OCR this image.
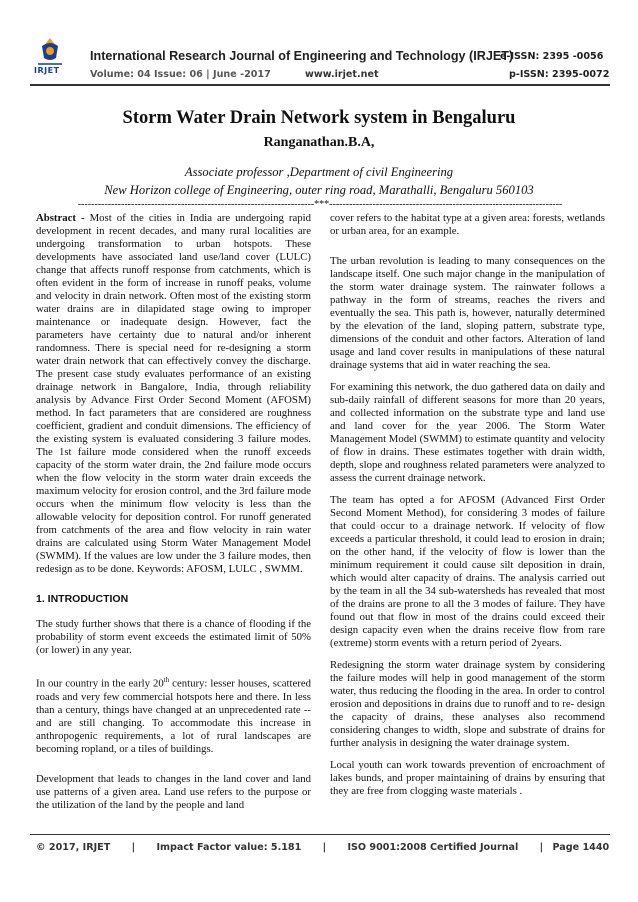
IRJET
International Research Journal of Engineering and Technology (IRJET)
e-ISSN: 2395 -0056
Volume: 04 Issue: 06 | June -2017	www.irjet.net	p-ISSN: 2395-0072
Storm Water Drain Network system in Bengaluru
Ranganathan.B.A,
Associate professor ,Department of civil Engineering
New Horizon college of Engineering, outer ring road, Marathalli, Bengaluru 560103
-----------------------------------------------------------------------***----------------------------------------------------------------------

Abstract - Most of the cities in India are undergoing rapid development in recent decades, and many rural localities are undergoing transformation to urban hotspots. These developments have associated land use/land cover (LULC) change that affects runoff response from catchments, which is often evident in the form of increase in runoff peaks, volume and velocity in drain network. Often most of the existing storm water drains are in dilapidated stage owing to improper maintenance or inadequate design. However, fact the parameters have certainty due to natural and/or inherent randomness. There is special need for re-designing a storm water drain network that can effectively convey the discharge. The present case study evaluates performance of an existing drainage network in Bangalore, India, through reliability analysis by Advance First Order Second Moment (AFOSM) method. In fact parameters that are considered are roughness coefficient, gradient and conduit dimensions. The efficiency of the existing system is evaluated considering 3 failure modes. The 1st failure mode considered when the runoff exceeds capacity of the storm water drain, the 2nd failure mode occurs when the flow velocity in the storm water drain exceeds the maximum velocity for erosion control, and the 3rd failure mode occurs when the minimum flow velocity is less than the allowable velocity for deposition control. For runoff generated from catchments of the area and flow velocity in rain water drains are calculated using Storm Water Management Model (SWMM). If the values are low under the 3 failure modes, then redesign as to be done. Keywords: AFOSM, LULC , SWMM.

1. INTRODUCTION

The study further shows that there is a chance of flooding if the probability of storm event exceeds the estimated limit of 50% (or lower) in any year.

In our country in the early 20th century: lesser houses, scattered roads and very few commercial hotspots here and there. In less than a century, things have changed at an unprecedented rate -- and are still changing. To accommodate this increase in anthropogenic requirements, a lot of rural landscapes are becoming ropland, or a tiles of buildings.

Development that leads to changes in the land cover and land use patterns of a given area. Land use refers to the purpose or the utilization of the land by the people and land

cover refers to the habitat type at a given area: forests, wetlands or urban area, for an example.

The urban revolution is leading to many consequences on the landscape itself. One such major change in the manipulation of the storm water drainage system. The rainwater follows a pathway in the form of streams, reaches the rivers and eventually the sea. This path is, however, naturally determined by the elevation of the land, sloping pattern, substrate type, dimensions of the conduit and other factors. Alteration of land usage and land cover results in manipulations of these natural drainage systems that aid in water reaching the sea.

For examining this network, the duo gathered data on daily and sub-daily rainfall of different seasons for more than 20 years, and collected information on the substrate type and land use and land cover for the year 2006. The Storm Water Management Model (SWMM) to estimate quantity and velocity of flow in drains. These estimates together with drain width, depth, slope and roughness related parameters were analyzed to assess the current drainage network.

The team has opted a for AFOSM (Advanced First Order Second Moment Method), for considering 3 modes of failure that could occur to a drainage network. If velocity of flow exceeds a particular threshold, it could lead to erosion in drain; on the other hand, if the velocity of flow is lower than the minimum requirement it could cause silt deposition in drain, which would alter capacity of drains. The analysis carried out by the team in all the 34 sub-watersheds has revealed that most of the drains are prone to all the 3 modes of failure. They have found out that flow in most of the drains could exceed their design capacity even when the drains receive flow from rare (extreme) storm events with a return period of 2years.

Redesigning the storm water drainage system by considering the failure modes will help in good management of the storm water, thus reducing the flooding in the area. In order to control erosion and depositions in drains due to runoff and to re- design the capacity of drains, these analyses also recommend considering changes to width, slope and substrate of drains for further analysis in designing the water drainage system.

Local youth can work towards prevention of encroachment of lakes bunds, and proper maintaining of drains by ensuring that they are free from clogging waste materials .

© 2017, IRJET | Impact Factor value: 5.181 | ISO 9001:2008 Certified Journal | Page 1440
